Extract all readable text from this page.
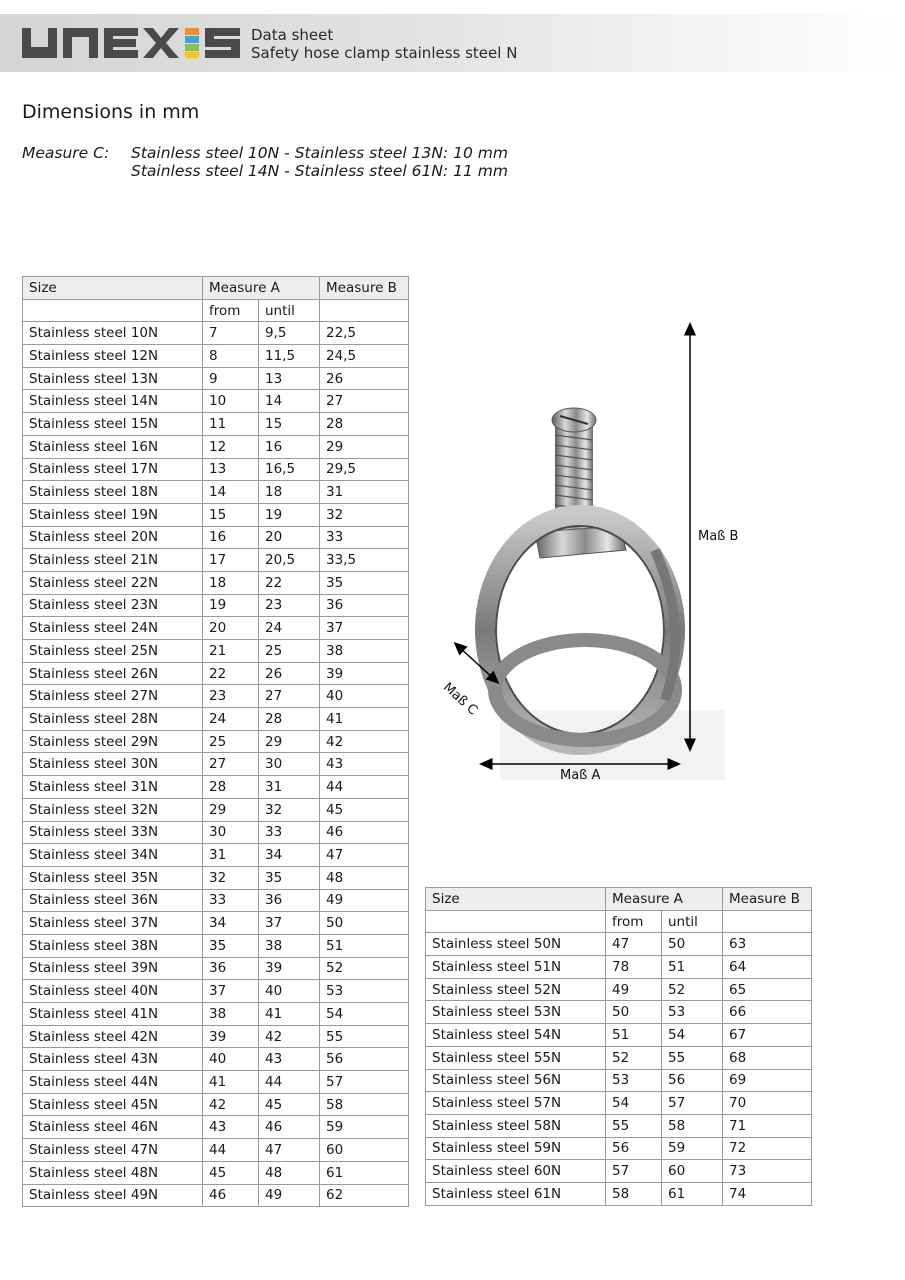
Data sheet
Safety hose clamp stainless steel N
Dimensions in mm
Measure C: Stainless steel 10N - Stainless steel 13N: 10 mm
Stainless steel 14N - Stainless steel 61N: 11 mm
Size	Measure A		Measure B
	from	until	
Stainless steel 10N	7	9,5	22,5
Stainless steel 12N	8	11,5	24,5
Stainless steel 13N	9	13	26
Stainless steel 14N	10	14	27
Stainless steel 15N	11	15	28
Stainless steel 16N	12	16	29
Stainless steel 17N	13	16,5	29,5
Stainless steel 18N	14	18	31
Stainless steel 19N	15	19	32
Stainless steel 20N	16	20	33
Stainless steel 21N	17	20,5	33,5
Stainless steel 22N	18	22	35
Stainless steel 23N	19	23	36
Stainless steel 24N	20	24	37
Stainless steel 25N	21	25	38
Stainless steel 26N	22	26	39
Stainless steel 27N	23	27	40
Stainless steel 28N	24	28	41
Stainless steel 29N	25	29	42
Stainless steel 30N	27	30	43
Stainless steel 31N	28	31	44
Stainless steel 32N	29	32	45
Stainless steel 33N	30	33	46
Stainless steel 34N	31	34	47
Stainless steel 35N	32	35	48
Stainless steel 36N	33	36	49
Stainless steel 37N	34	37	50
Stainless steel 38N	35	38	51
Stainless steel 39N	36	39	52
Stainless steel 40N	37	40	53
Stainless steel 41N	38	41	54
Stainless steel 42N	39	42	55
Stainless steel 43N	40	43	56
Stainless steel 44N	41	44	57
Stainless steel 45N	42	45	58
Stainless steel 46N	43	46	59
Stainless steel 47N	44	47	60
Stainless steel 48N	45	48	61
Stainless steel 49N	46	49	62
Maß B
Maß A
Maß C
Size	Measure A		Measure B
	from	until	
Stainless steel 50N	47	50	63
Stainless steel 51N	78	51	64
Stainless steel 52N	49	52	65
Stainless steel 53N	50	53	66
Stainless steel 54N	51	54	67
Stainless steel 55N	52	55	68
Stainless steel 56N	53	56	69
Stainless steel 57N	54	57	70
Stainless steel 58N	55	58	71
Stainless steel 59N	56	59	72
Stainless steel 60N	57	60	73
Stainless steel 61N	58	61	74
